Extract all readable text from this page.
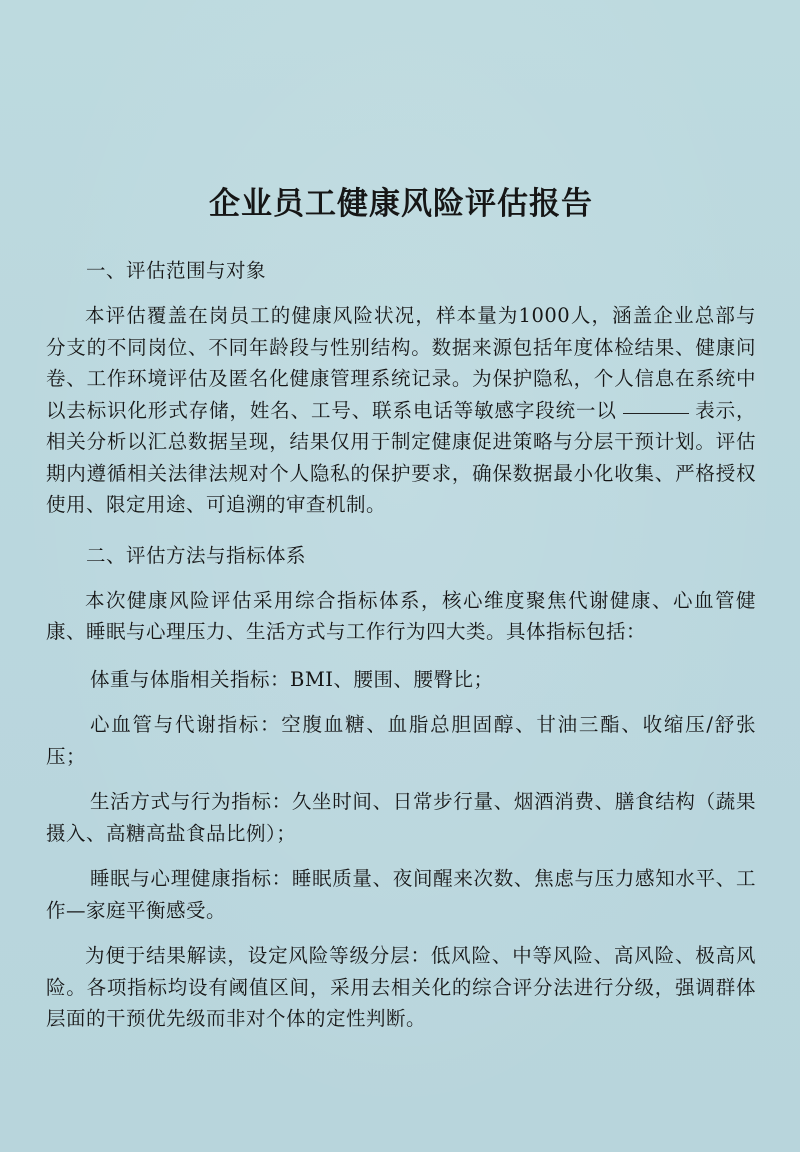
企业员工健康风险评估报告

一、评估范围与对象

本评估覆盖在岗员工的健康风险状况，样本量为1000人，涵盖企业总部与分支的不同岗位、不同年龄段与性别结构。数据来源包括年度体检结果、健康问卷、工作环境评估及匿名化健康管理系统记录。为保护隐私，个人信息在系统中以去标识化形式存储，姓名、工号、联系电话等敏感字段统一以	表示，相关分析以汇总数据呈现，结果仅用于制定健康促进策略与分层干预计划。评估期内遵循相关法律法规对个人隐私的保护要求，确保数据最小化收集、严格授权使用、限定用途、可追溯的审查机制。

二、评估方法与指标体系

本次健康风险评估采用综合指标体系，核心维度聚焦代谢健康、心血管健康、睡眠与心理压力、生活方式与工作行为四大类。具体指标包括：

体重与体脂相关指标：BMI、腰围、腰臀比；

心血管与代谢指标：空腹血糖、血脂总胆固醇、甘油三酯、收缩压/舒张压；

生活方式与行为指标：久坐时间、日常步行量、烟酒消费、膳食结构（蔬果摄入、高糖高盐食品比例）；

睡眠与心理健康指标：睡眠质量、夜间醒来次数、焦虑与压力感知水平、工作—家庭平衡感受。

为便于结果解读，设定风险等级分层：低风险、中等风险、高风险、极高风险。各项指标均设有阈值区间，采用去相关化的综合评分法进行分级，强调群体层面的干预优先级而非对个体的定性判断。
